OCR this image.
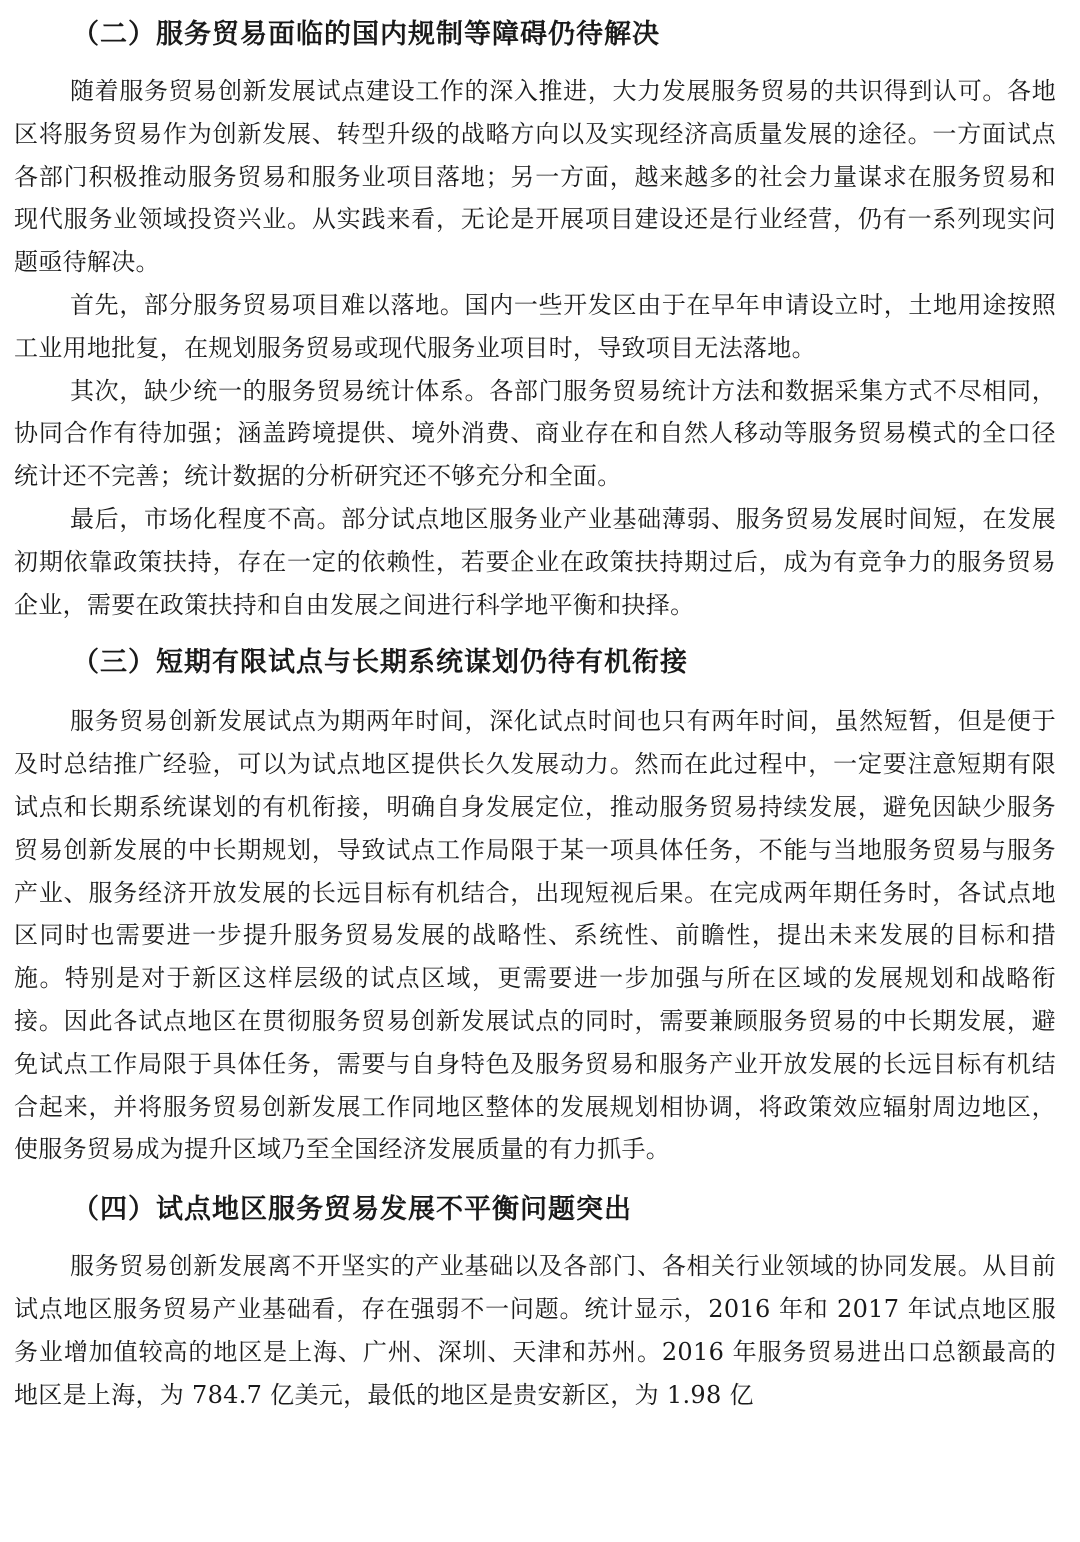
（二）服务贸易面临的国内规制等障碍仍待解决

随着服务贸易创新发展试点建设工作的深入推进，大力发展服务贸易的共识得到认可。各地区将服务贸易作为创新发展、转型升级的战略方向以及实现经济高质量发展的途径。一方面试点各部门积极推动服务贸易和服务业项目落地；另一方面，越来越多的社会力量谋求在服务贸易和现代服务业领域投资兴业。从实践来看，无论是开展项目建设还是行业经营，仍有一系列现实问题亟待解决。

首先，部分服务贸易项目难以落地。国内一些开发区由于在早年申请设立时，土地用途按照工业用地批复，在规划服务贸易或现代服务业项目时，导致项目无法落地。

其次，缺少统一的服务贸易统计体系。各部门服务贸易统计方法和数据采集方式不尽相同，协同合作有待加强；涵盖跨境提供、境外消费、商业存在和自然人移动等服务贸易模式的全口径统计还不完善；统计数据的分析研究还不够充分和全面。

最后，市场化程度不高。部分试点地区服务业产业基础薄弱、服务贸易发展时间短，在发展初期依靠政策扶持，存在一定的依赖性，若要企业在政策扶持期过后，成为有竞争力的服务贸易企业，需要在政策扶持和自由发展之间进行科学地平衡和抉择。

（三）短期有限试点与长期系统谋划仍待有机衔接

服务贸易创新发展试点为期两年时间，深化试点时间也只有两年时间，虽然短暂，但是便于及时总结推广经验，可以为试点地区提供长久发展动力。然而在此过程中，一定要注意短期有限试点和长期系统谋划的有机衔接，明确自身发展定位，推动服务贸易持续发展，避免因缺少服务贸易创新发展的中长期规划，导致试点工作局限于某一项具体任务，不能与当地服务贸易与服务产业、服务经济开放发展的长远目标有机结合，出现短视后果。在完成两年期任务时，各试点地区同时也需要进一步提升服务贸易发展的战略性、系统性、前瞻性，提出未来发展的目标和措施。特别是对于新区这样层级的试点区域，更需要进一步加强与所在区域的发展规划和战略衔接。因此各试点地区在贯彻服务贸易创新发展试点的同时，需要兼顾服务贸易的中长期发展，避免试点工作局限于具体任务，需要与自身特色及服务贸易和服务产业开放发展的长远目标有机结合起来，并将服务贸易创新发展工作同地区整体的发展规划相协调，将政策效应辐射周边地区，使服务贸易成为提升区域乃至全国经济发展质量的有力抓手。

（四）试点地区服务贸易发展不平衡问题突出

服务贸易创新发展离不开坚实的产业基础以及各部门、各相关行业领域的协同发展。从目前试点地区服务贸易产业基础看，存在强弱不一问题。统计显示，2016 年和 2017 年试点地区服务业增加值较高的地区是上海、广州、深圳、天津和苏州。2016 年服务贸易进出口总额最高的地区是上海，为 784.7 亿美元，最低的地区是贵安新区，为 1.98 亿
